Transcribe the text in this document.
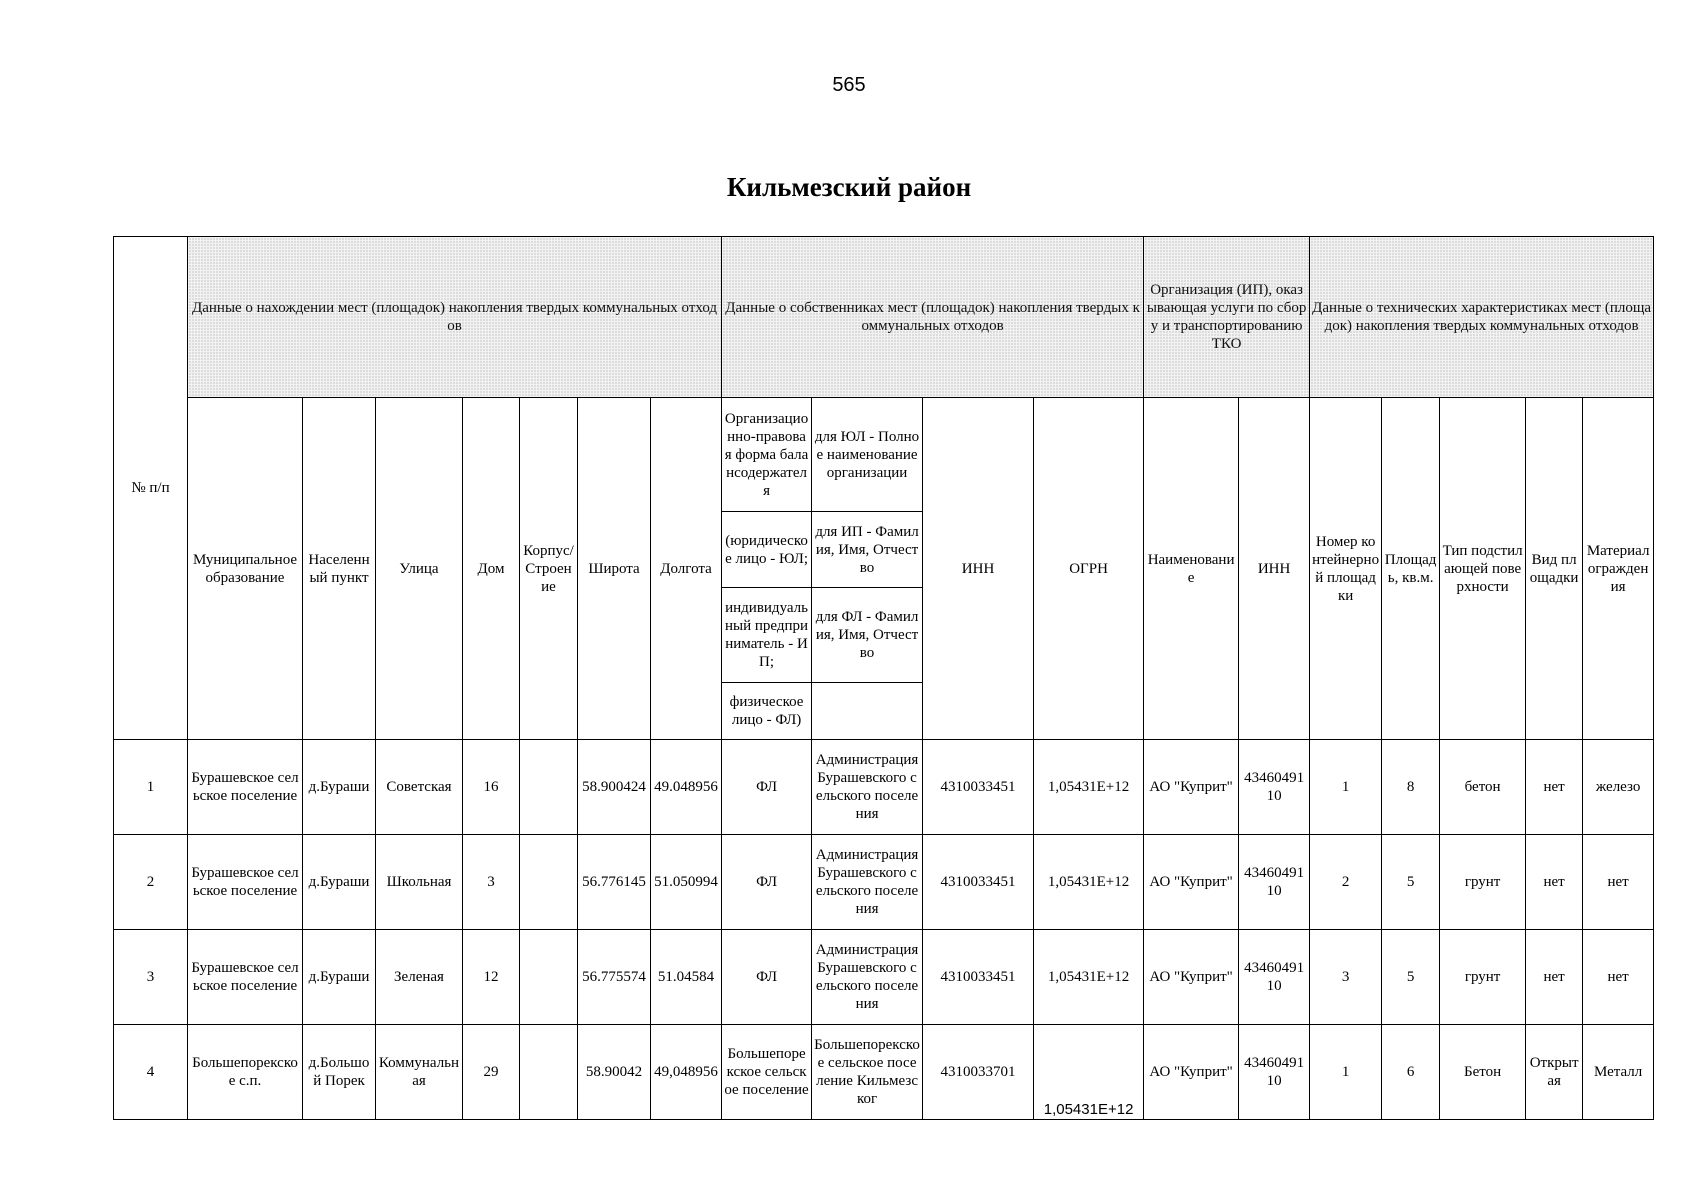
565
Кильмезский район
№ п/п	Данные о нахождении мест (площадок) накопления твердых коммунальных отходов							Данные о собственниках мест (площадок) накопления твердых коммунальных отходов				Организация (ИП), оказывающая услуги по сбору и транспортированию ТКО		Данные о технических характеристиках мест (площадок) накопления твердых коммунальных отходов				
	Муниципальное образование	Населенный пункт	Улица	Дом	Корпус/Строение	Широта	Долгота	Организационно-правовая форма балансодержателя	для ЮЛ - Полное наименование организации	ИНН	ОГРН	Наименование	ИНН	Номер контейнерной площадки	Площадь, кв.м.	Тип подстилающей поверхности	Вид площадки	Материал ограждения
								(юридическое лицо - ЮЛ;	для ИП - Фамилия, Имя, Отчество									
								индивидуальный предприниматель - ИП;	для ФЛ - Фамилия, Имя, Отчество									
								физическое лицо - ФЛ)										
1	Бурашевское сельское поселение	д.Бураши	Советская	16		58.900424	49.048956	ФЛ	Администрация Бурашевского сельского поселения	4310033451	1,05431E+12	АО "Куприт"	4346049110	1	8	бетон	нет	железо
2	Бурашевское сельское поселение	д.Бураши	Школьная	3		56.776145	51.050994	ФЛ	Администрация Бурашевского сельского поселения	4310033451	1,05431E+12	АО "Куприт"	4346049110	2	5	грунт	нет	нет
3	Бурашевское сельское поселение	д.Бураши	Зеленая	12		56.775574	51.04584	ФЛ	Администрация Бурашевского сельского поселения	4310033451	1,05431E+12	АО "Куприт"	4346049110	3	5	грунт	нет	нет
4	Большепорекское с.п.	д.Большой Порек	Коммунальная	29		58.90042	49,048956	Большепорекское сельское поселение	Большепорекское сельское поселение Кильмезског	4310033701	1,05431E+12	АО "Куприт"	4346049110	1	6	Бетон	Открытая	Металл
